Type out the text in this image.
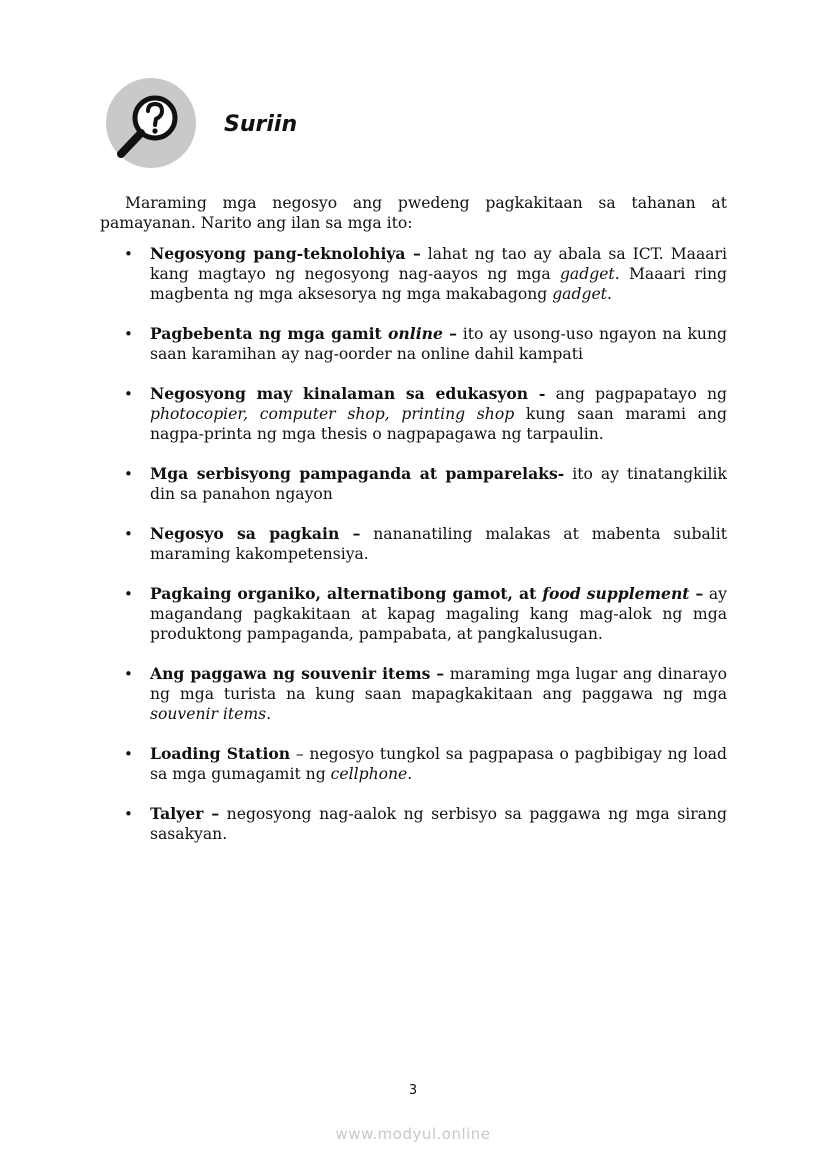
Suriin

Maraming mga negosyo ang pwedeng pagkakitaan sa tahanan at pamayanan. Narito ang ilan sa mga ito:

• Negosyong pang-teknolohiya – lahat ng tao ay abala sa ICT. Maaari kang magtayo ng negosyong nag-aayos ng mga gadget. Maaari ring magbenta ng mga aksesorya ng mga makabagong gadget.
• Pagbebenta ng mga gamit online – ito ay usong-uso ngayon na kung saan karamihan ay nag-oorder na online dahil kampati
• Negosyong may kinalaman sa edukasyon - ang pagpapatayo ng photocopier, computer shop, printing shop kung saan marami ang nagpa-printa ng mga thesis o nagpapagawa ng tarpaulin.
• Mga serbisyong pampaganda at pamparelaks- ito ay tinatangkilik din sa panahon ngayon
• Negosyo sa pagkain – nananatiling malakas at mabenta subalit maraming kakompetensiya.
• Pagkaing organiko, alternatibong gamot, at food supplement – ay magandang pagkakitaan at kapag magaling kang mag-alok ng mga produktong pampaganda, pampabata, at pangkalusugan.
• Ang paggawa ng souvenir items – maraming mga lugar ang dinarayo ng mga turista na kung saan mapagkakitaan ang paggawa ng mga souvenir items.
• Loading Station – negosyo tungkol sa pagpapasa o pagbibigay ng load sa mga gumagamit ng cellphone.
• Talyer – negosyong nag-aalok ng serbisyo sa paggawa ng mga sirang sasakyan.
3
www.modyul.online
